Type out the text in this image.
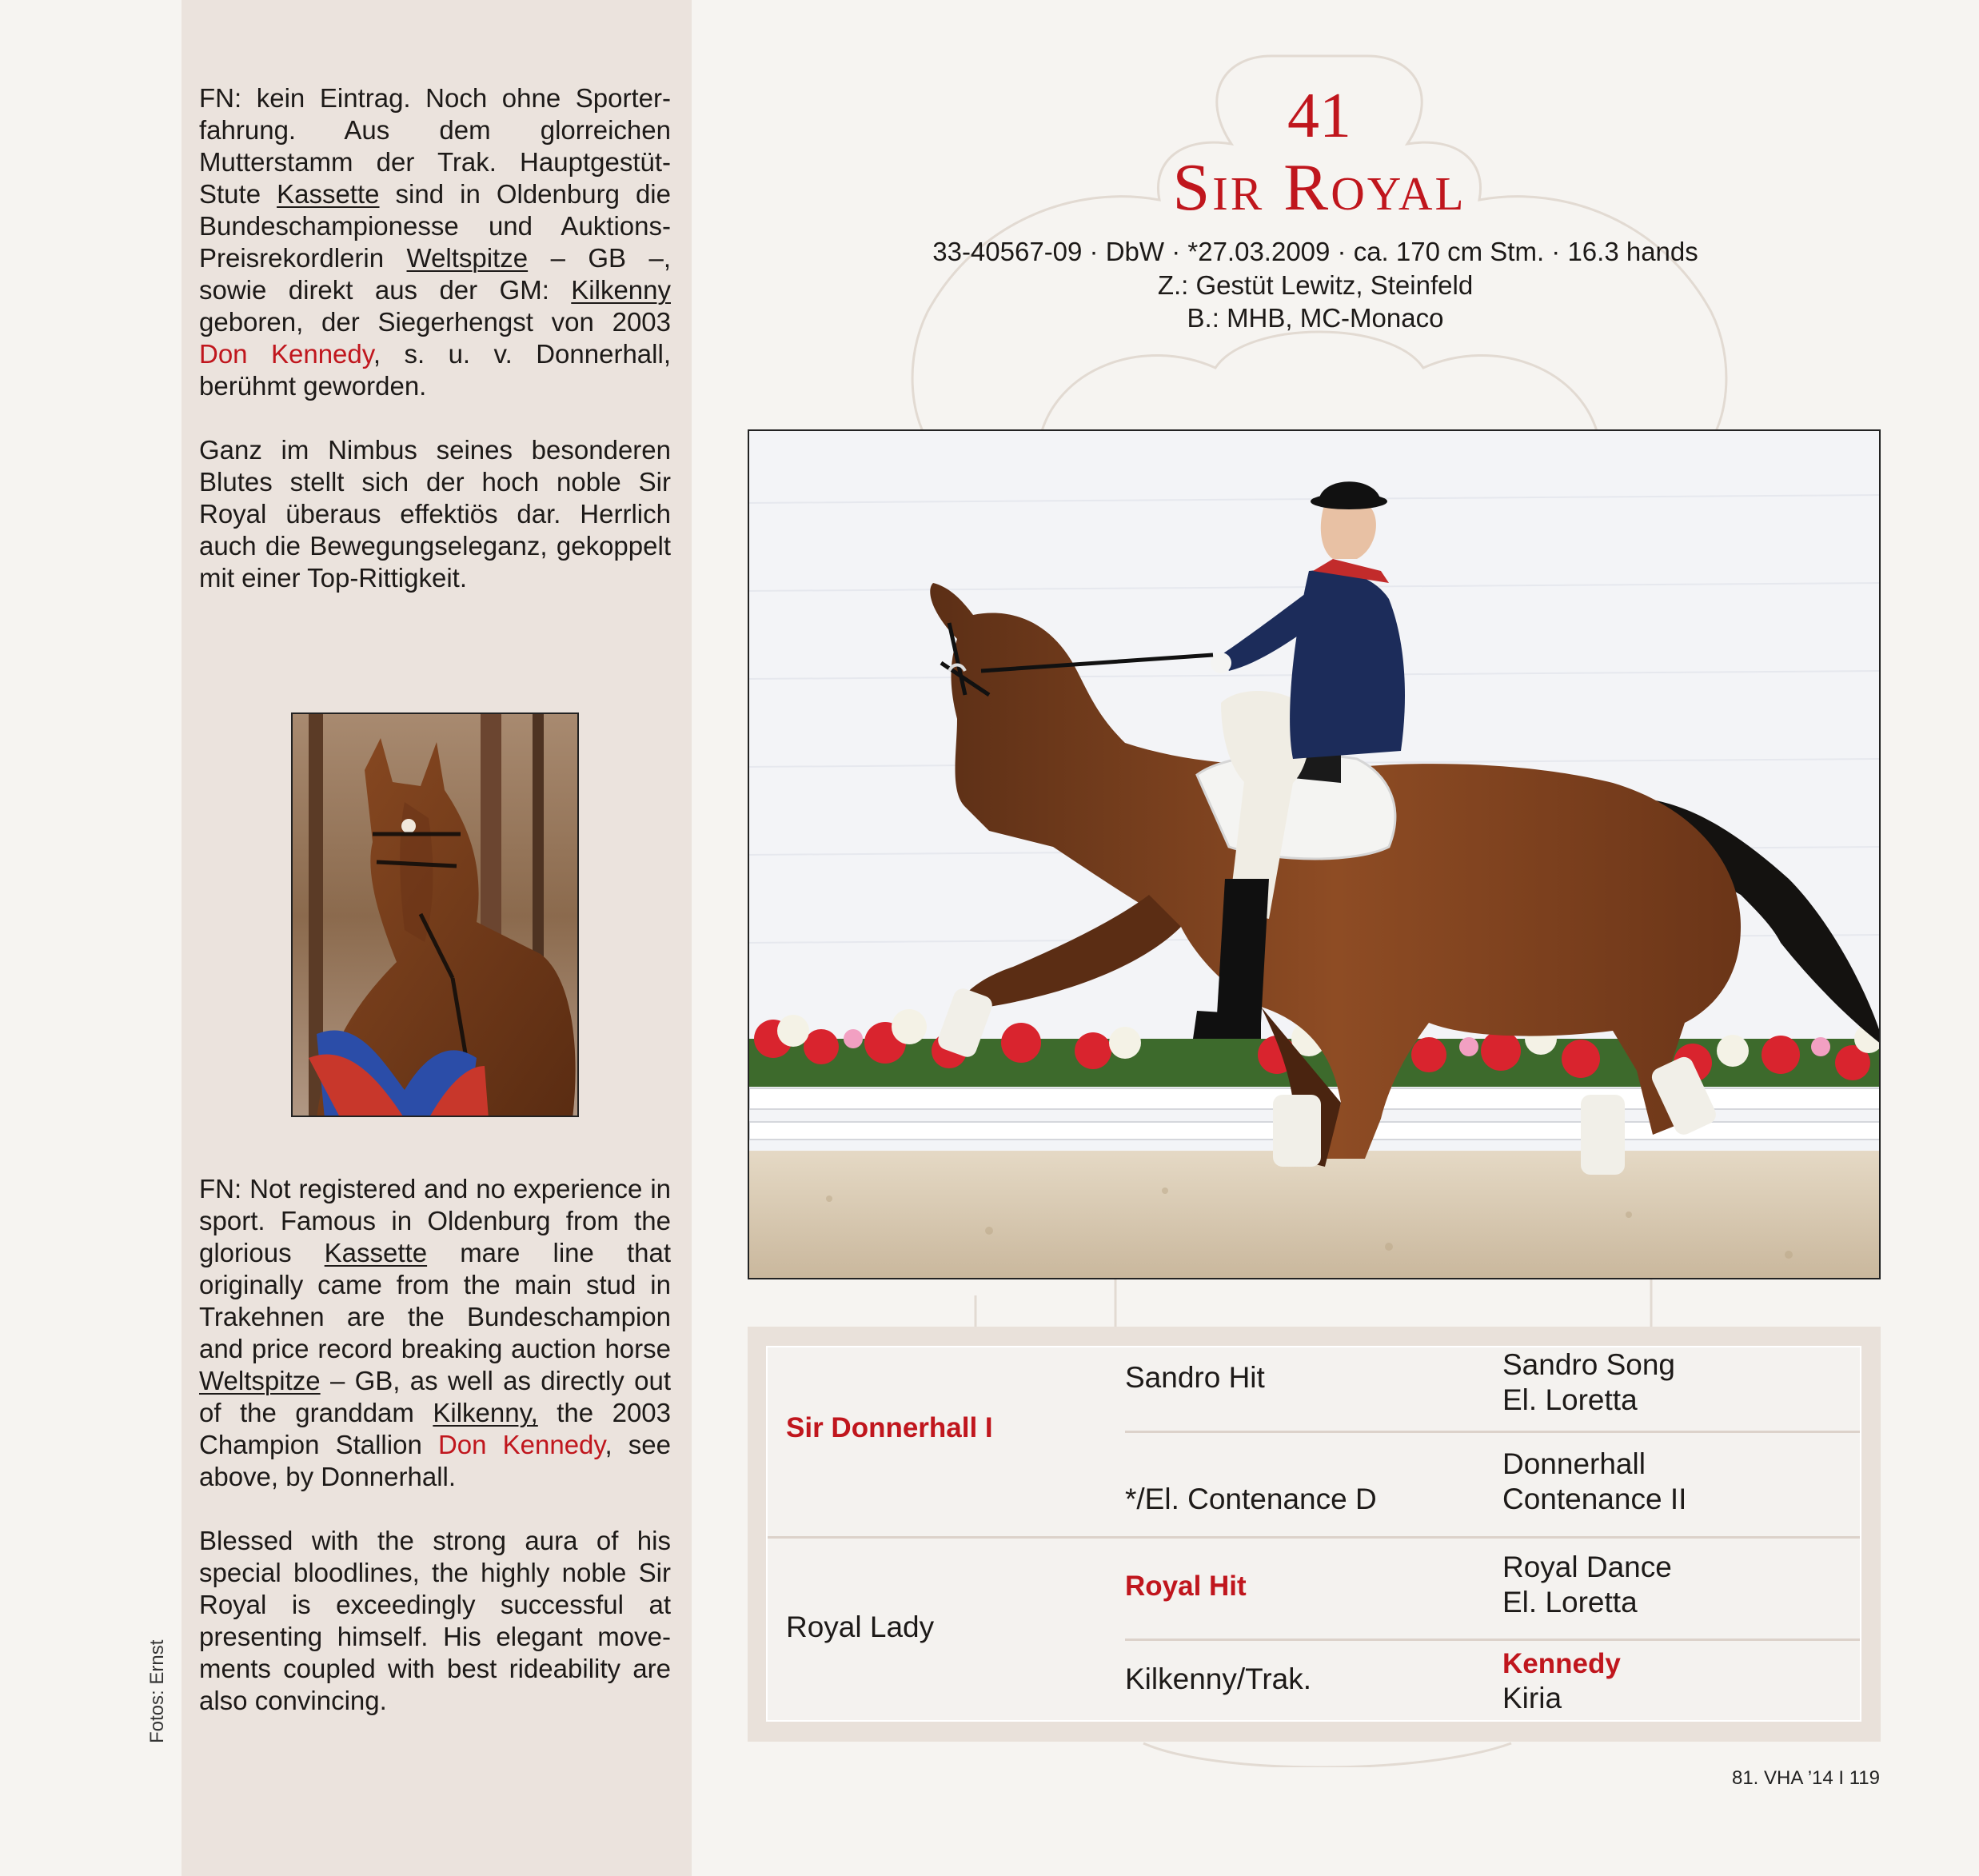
FN: kein Eintrag. Noch ohne Sporterfahrung. Aus dem glorreichen Mutterstamm der Trak. Hauptgestüt-Stute Kassette sind in Oldenburg die Bundeschampionesse und Auktions-Preisrekordlerin Weltspitze – GB –, sowie direkt aus der GM: Kilkenny geboren, der Siegerhengst von 2003 Don Kennedy, s. u. v. Donnerhall, berühmt geworden.

Ganz im Nimbus seines besonderen Blutes stellt sich der hoch noble Sir Royal überaus effektiös dar. Herrlich auch die Bewegungseleganz, gekoppelt mit einer Top-Rittigkeit.

FN: Not registered and no experience in sport. Famous in Oldenburg from the glorious Kassette mare line that originally came from the main stud in Trakehnen are the Bundeschampion and price record breaking auction horse Weltspitze – GB, as well as directly out of the granddam Kilkenny, the 2003 Champion Stallion Don Kennedy, see above, by Donnerhall.

Blessed with the strong aura of his special bloodlines, the highly noble Sir Royal is exceedingly successful at presenting himself. His elegant movements coupled with best rideability are also convincing.

Fotos: Ernst
41
Sir Royal
33-40567-09 · DbW · *27.03.2009 · ca. 170 cm Stm. · 16.3 hands
Z.: Gestüt Lewitz, Steinfeld
B.: MHB, MC-Monaco
Sir Donnerhall I
Royal Lady
Sandro Hit
*/El. Contenance D
Royal Hit
Kilkenny/Trak.
Sandro Song
El. Loretta
Donnerhall
Contenance II
Royal Dance
El. Loretta
Kennedy
Kiria
81. VHA ’14 I 119
